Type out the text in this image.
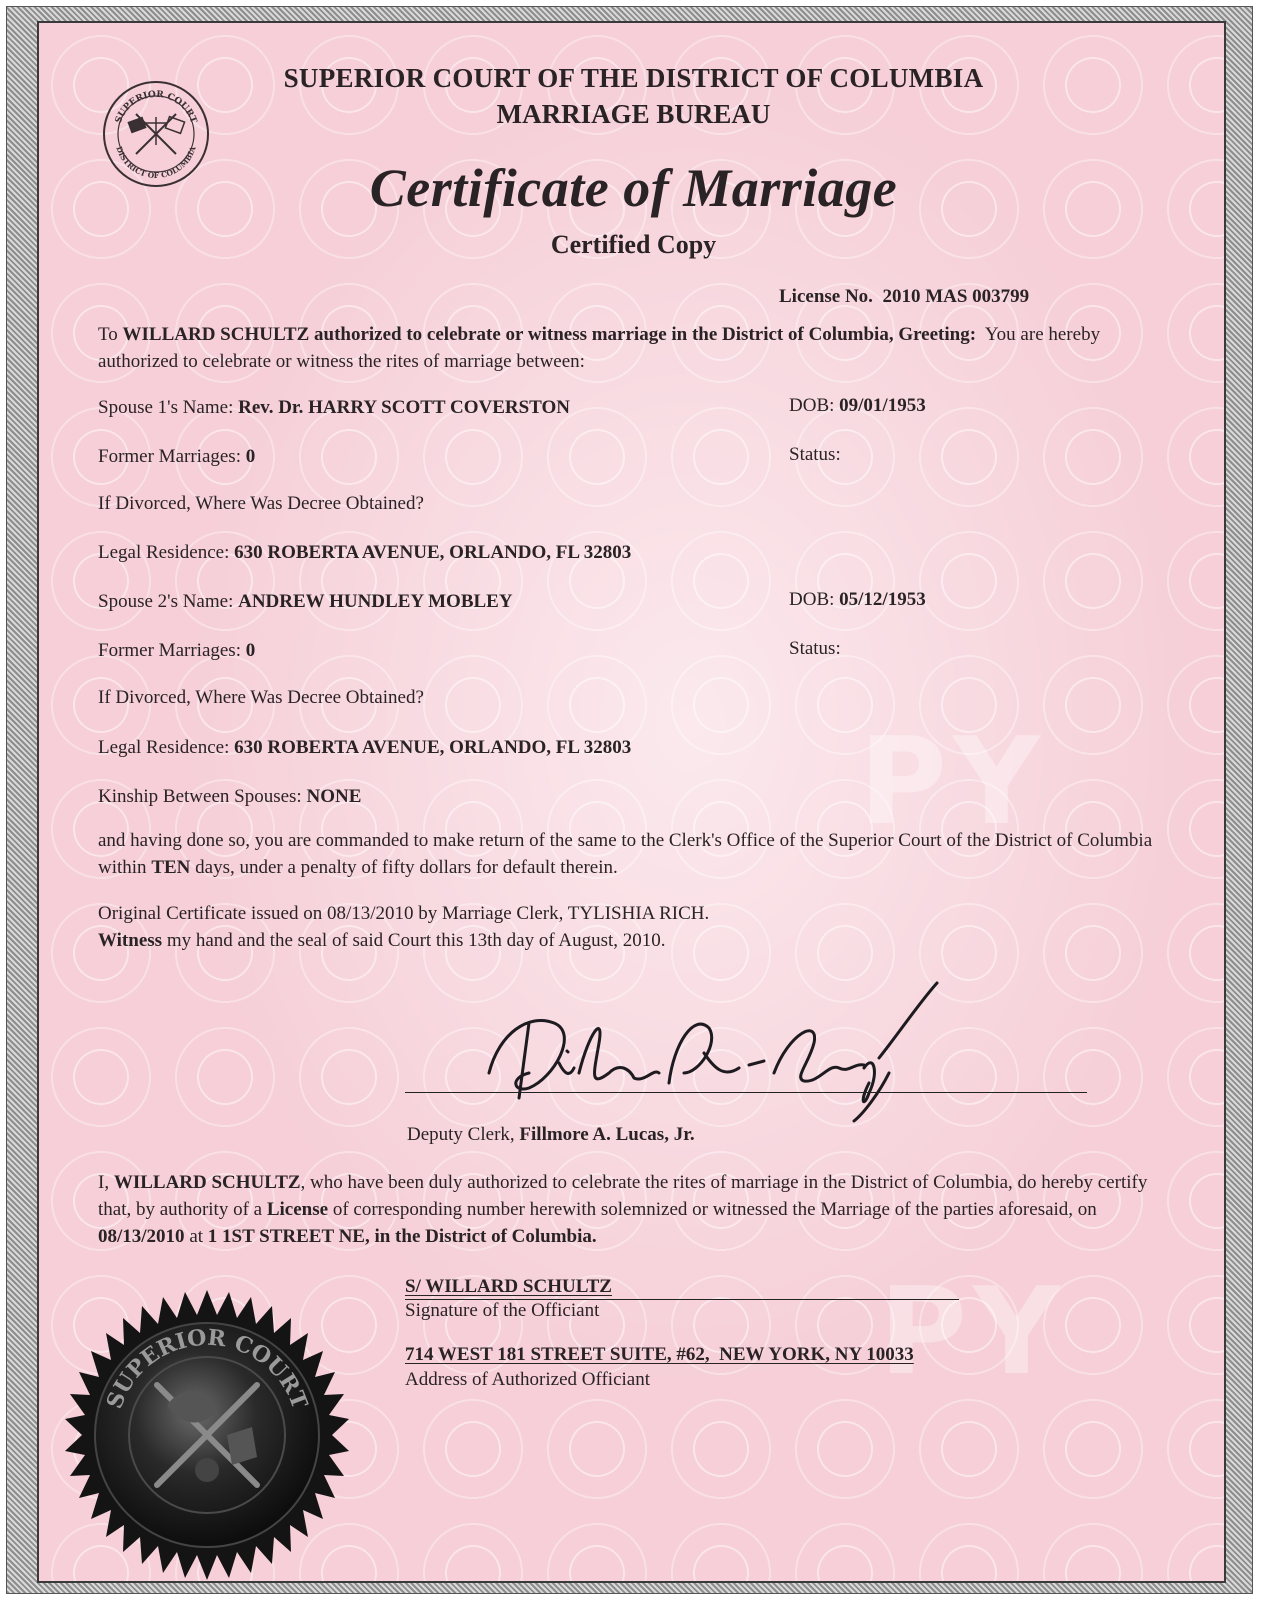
PY
PY
SUPERIOR COURT
DISTRICT OF COLUMBIA
SUPERIOR COURT OF THE DISTRICT OF COLUMBIA
MARRIAGE BUREAU
Certificate of Marriage
Certified Copy
License No. 2010 MAS 003799
To WILLARD SCHULTZ authorized to celebrate or witness marriage in the District of Columbia, Greeting: You are hereby authorized to celebrate or witness the rites of marriage between:
Spouse 1's Name: Rev. Dr. HARRY SCOTT COVERSTON	DOB: 09/01/1953
Former Marriages: 0	Status:
If Divorced, Where Was Decree Obtained?
Legal Residence: 630 ROBERTA AVENUE, ORLANDO, FL 32803
Spouse 2's Name: ANDREW HUNDLEY MOBLEY	DOB: 05/12/1953
Former Marriages: 0	Status:
If Divorced, Where Was Decree Obtained?
Legal Residence: 630 ROBERTA AVENUE, ORLANDO, FL 32803
Kinship Between Spouses: NONE
and having done so, you are commanded to make return of the same to the Clerk's Office of the Superior Court of the District of Columbia within TEN days, under a penalty of fifty dollars for default therein.
Original Certificate issued on 08/13/2010 by Marriage Clerk, TYLISHIA RICH.
Witness my hand and the seal of said Court this 13th day of August, 2010.
Deputy Clerk, Fillmore A. Lucas, Jr.
I, WILLARD SCHULTZ, who have been duly authorized to celebrate the rites of marriage in the District of Columbia, do hereby certify that, by authority of a License of corresponding number herewith solemnized or witnessed the Marriage of the parties aforesaid, on 08/13/2010 at 1 1ST STREET NE, in the District of Columbia.
S/ WILLARD SCHULTZ
Signature of the Officiant
714 WEST 181 STREET SUITE, #62,  NEW YORK, NY 10033
Address of Authorized Officiant
SUPERIOR COURT
